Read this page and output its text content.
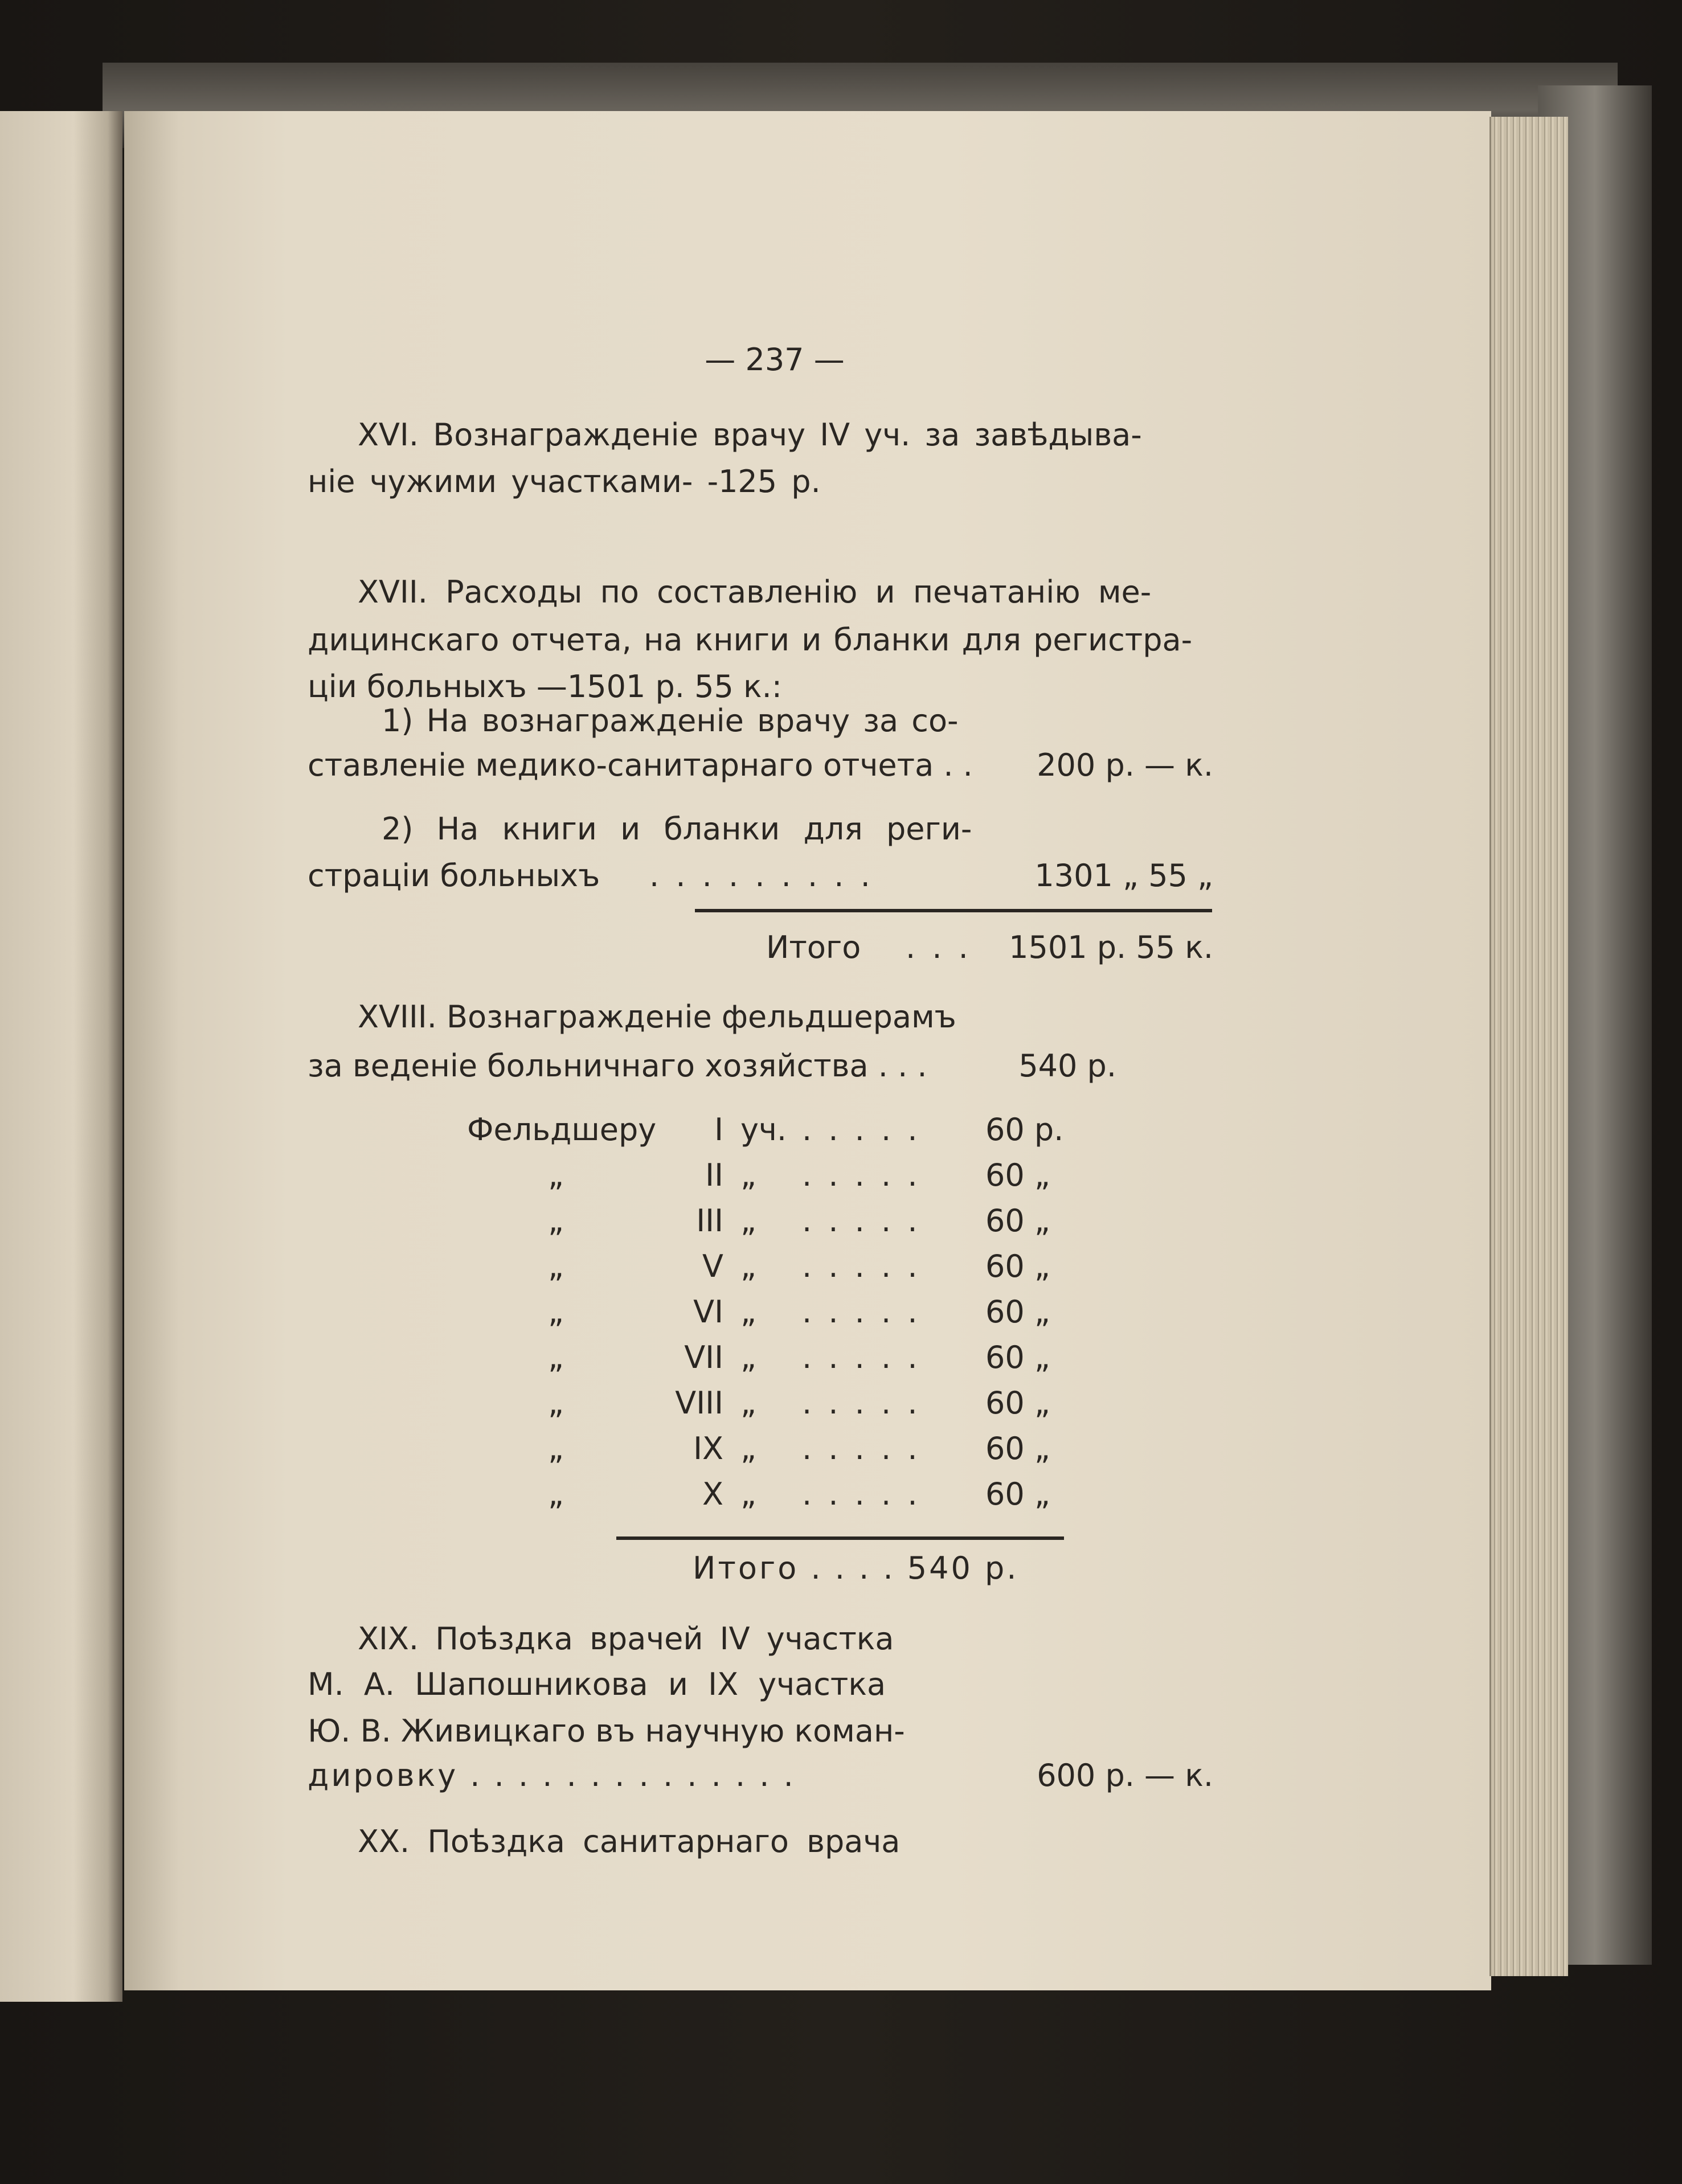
— 237 —
XVI. Вознагражденіе врачу IV уч. за завѣдыва-
ніе чужими участками- -125 р.
XVII. Расходы по составленію и печатанію ме-
дицинскаго отчета, на книги и бланки для регистра-
ціи больныхъ —1501 р. 55 к.:
1) На вознагражденіе врачу за со-
ставленіе медико-санитарнаго отчета . .	200 р. — к.
2) На книги и бланки для реги-
страціи больныхъ . . . . . . . . .	1301 „ 55 „
Итого . . .	1501 р. 55 к.
XVIII. Вознагражденіе фельдшерамъ
за веденіе больничнаго хозяйства . . .	540 р.
Фельдшеру	I уч. . . . . . 60 р.
„	II „ . . . . . 60 „
„	III „ . . . . . 60 „
„	V „ . . . . . 60 „
„	VI „ . . . . . 60 „
„	VII „ . . . . . 60 „
„	VIII „ . . . . . 60 „
„	IX „ . . . . . 60 „
„	X „ . . . . . 60 „
Итого . . . . 540 р.
XIX. Поѣздка врачей IV участка
М. А. Шапошникова и IX участка
Ю. В. Живицкаго въ научную коман-
дировку . . . . . . . . . . . . . .	600 р. — к.
XX. Поѣздка санитарнаго врача
